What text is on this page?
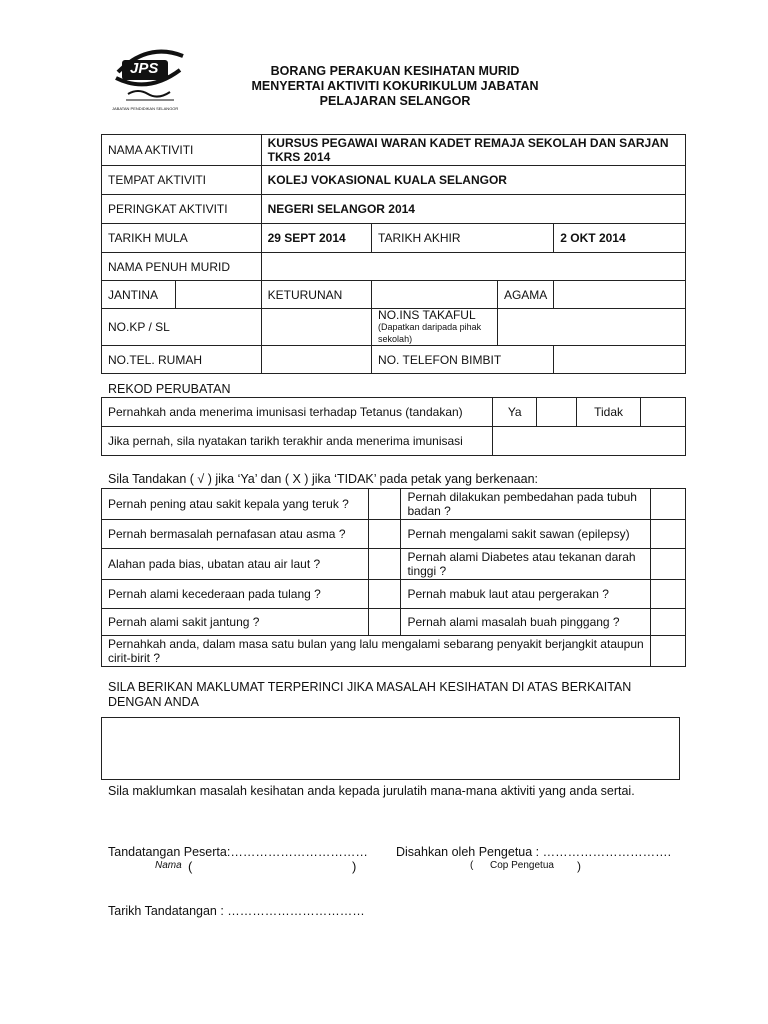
JPS
JABATAN PENDIDIKAN SELANGOR
BORANG PERAKUAN KESIHATAN MURID
MENYERTAI AKTIVITI KOKURIKULUM JABATAN
PELAJARAN SELANGOR
NAMA AKTIVITI		KURSUS PEGAWAI WARAN KADET REMAJA SEKOLAH DAN SARJAN TKRS 2014			
TEMPAT AKTIVITI		KOLEJ VOKASIONAL KUALA SELANGOR			
PERINGKAT AKTIVITI		NEGERI SELANGOR 2014			
TARIKH MULA		29 SEPT 2014	TARIKH AKHIR		2 OKT 2014
NAMA PENUH MURID					
JANTINA		KETURUNAN		AGAMA	
NO.KP / SL			NO.INS TAKAFUL
(Dapatkan daripada pihak sekolah)		

NO.TEL. RUMAH			NO. TELEFON BIMBIT		
REKOD PERUBATAN
Pernahkah anda menerima imunisasi terhadap Tetanus (tandakan)	Ya		Tidak	
Jika pernah, sila nyatakan tarikh terakhir anda menerima imunisasi				
Sila Tandakan ( √ ) jika ‘Ya’ dan ( X ) jika ‘TIDAK’ pada petak yang berkenaan:
Pernah pening atau sakit kepala yang teruk ?		Pernah dilakukan pembedahan pada tubuh badan ?	
Pernah bermasalah pernafasan atau asma ?		Pernah mengalami sakit sawan (epilepsy)	
Alahan pada bias, ubatan atau air laut ?		Pernah alami Diabetes atau tekanan darah tinggi ?	
Pernah alami kecederaan pada tulang ?		Pernah mabuk laut atau pergerakan ?	
Pernah alami sakit jantung ?		Pernah alami masalah buah pinggang ?	
Pernahkah anda, dalam masa satu bulan yang lalu mengalami sebarang penyakit berjangkit ataupun cirit-birit ?			
SILA BERIKAN MAKLUMAT TERPERINCI JIKA MASALAH KESIHATAN DI ATAS BERKAITAN DENGAN ANDA
Sila maklumkan masalah kesihatan anda kepada jurulatih mana-mana aktiviti yang anda sertai.
Tandatangan Peserta:……………………………
Nama (	)
Disahkan oleh Pengetua : ………………………….
( Cop Pengetua )
Tarikh Tandatangan : ……………………………
